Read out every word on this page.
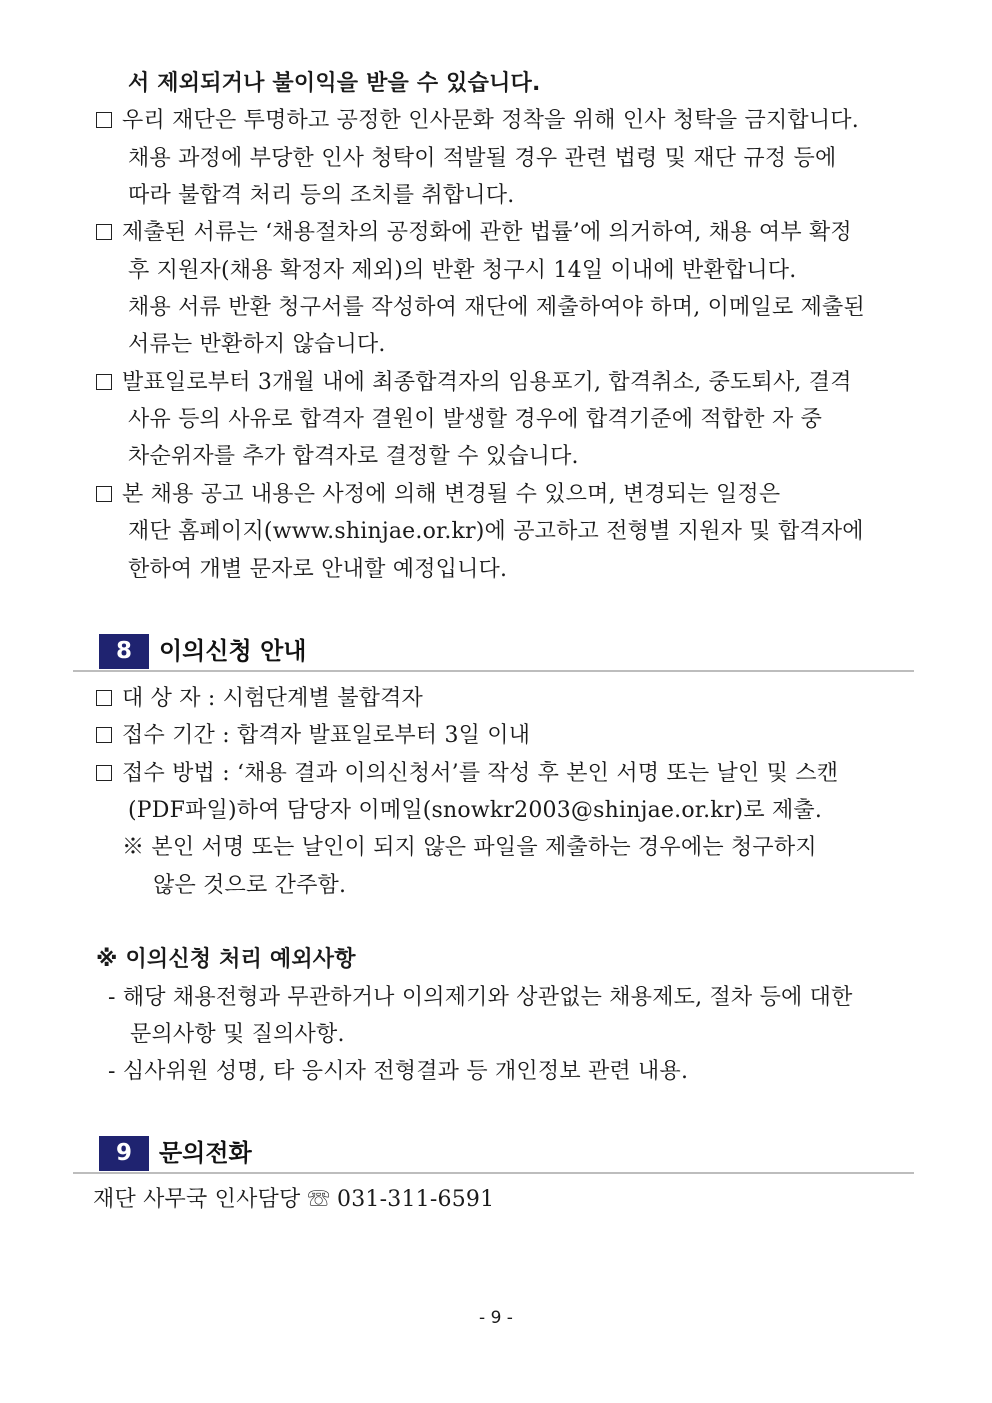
서 제외되거나 불이익을 받을 수 있습니다.
우리 재단은 투명하고 공정한 인사문화 정착을 위해 인사 청탁을 금지합니다.
채용 과정에 부당한 인사 청탁이 적발될 경우 관련 법령 및 재단 규정 등에
따라 불합격 처리 등의 조치를 취합니다.
제출된 서류는 ‘채용절차의 공정화에 관한 법률’에 의거하여, 채용 여부 확정
후 지원자(채용 확정자 제외)의 반환 청구시 14일 이내에 반환합니다.
채용 서류 반환 청구서를 작성하여 재단에 제출하여야 하며, 이메일로 제출된
서류는 반환하지 않습니다.
발표일로부터 3개월 내에 최종합격자의 임용포기, 합격취소, 중도퇴사, 결격
사유 등의 사유로 합격자 결원이 발생할 경우에 합격기준에 적합한 자 중
차순위자를 추가 합격자로 결정할 수 있습니다.
본 채용 공고 내용은 사정에 의해 변경될 수 있으며, 변경되는 일정은
재단 홈페이지(www.shinjae.or.kr)에 공고하고 전형별 지원자 및 합격자에
한하여 개별 문자로 안내할 예정입니다.
8	이의신청 안내
대 상 자 : 시험단계별 불합격자
접수 기간 : 합격자 발표일로부터 3일 이내
접수 방법 : ‘채용 결과 이의신청서’를 작성 후 본인 서명 또는 날인 및 스캔
(PDF파일)하여 담당자 이메일(snowkr2003@shinjae.or.kr)로 제출.
※ 본인 서명 또는 날인이 되지 않은 파일을 제출하는 경우에는 청구하지
않은 것으로 간주함.
※ 이의신청 처리 예외사항
- 해당 채용전형과 무관하거나 이의제기와 상관없는 채용제도, 절차 등에 대한
문의사항 및 질의사항.
- 심사위원 성명, 타 응시자 전형결과 등 개인정보 관련 내용.
9	문의전화
재단 사무국 인사담당 ☏ 031-311-6591
- 9 -
